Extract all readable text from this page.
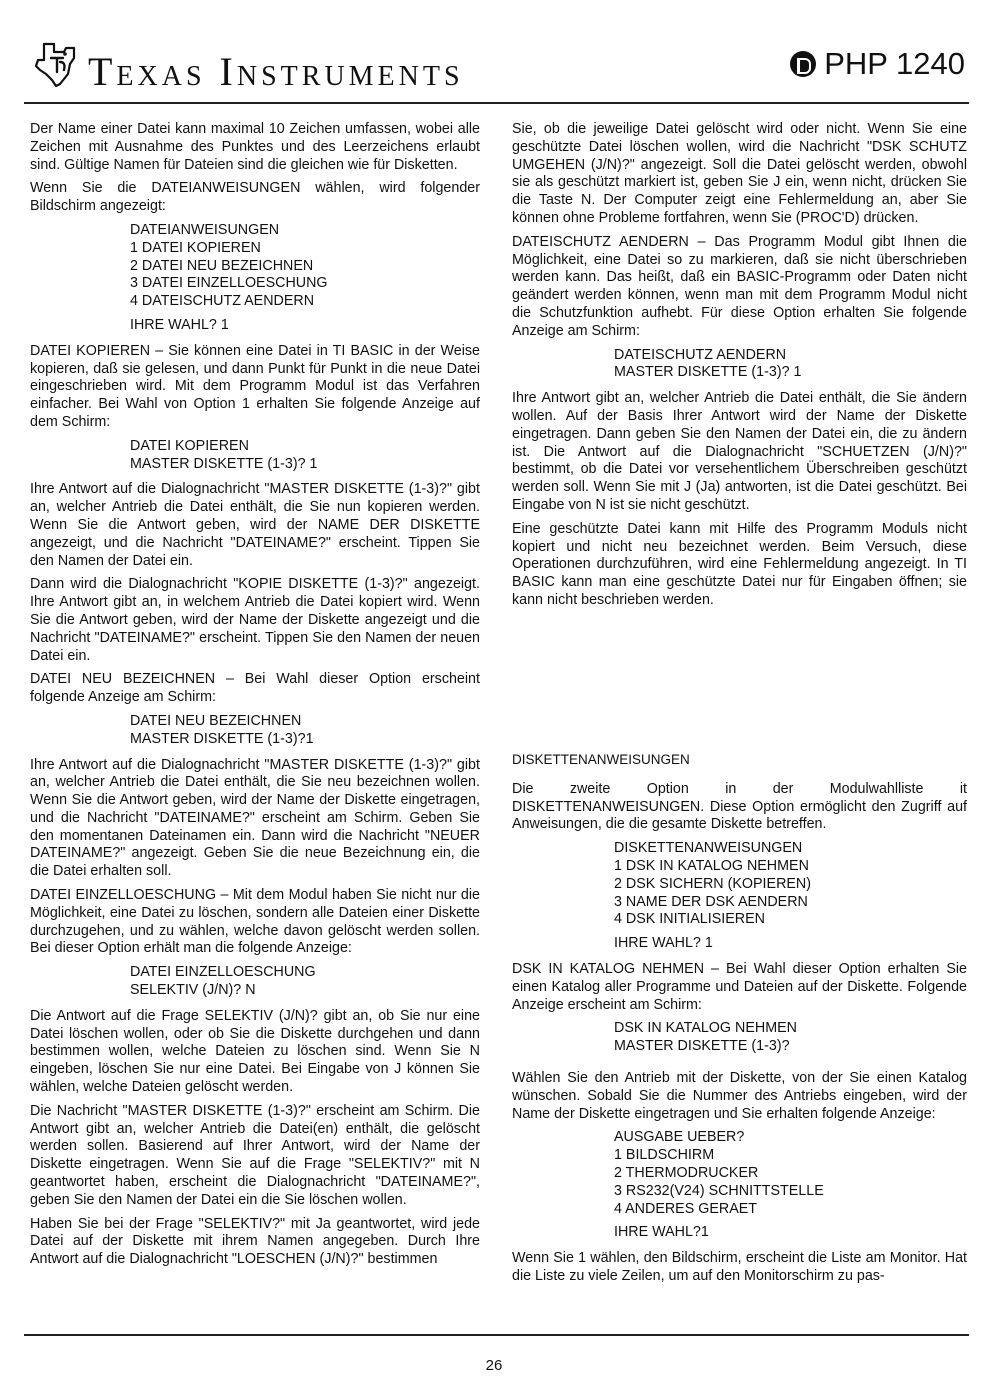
Texas Instruments	PHP 1240

Der Name einer Datei kann maximal 10 Zeichen umfassen, wobei alle Zeichen mit Ausnahme des Punktes und des Leerzeichens erlaubt sind. Gültige Namen für Dateien sind die gleichen wie für Disketten.

Wenn Sie die DATEIANWEISUNGEN wählen, wird folgender Bildschirm angezeigt:

DATEIANWEISUNGEN
1 DATEI KOPIEREN
2 DATEI NEU BEZEICHNEN
3 DATEI EINZELLOESCHUNG
4 DATEISCHUTZ AENDERN
IHRE WAHL? 1

DATEI KOPIEREN – Sie können eine Datei in TI BASIC in der Weise kopieren, daß sie gelesen, und dann Punkt für Punkt in die neue Datei eingeschrieben wird. Mit dem Programm Modul ist das Verfahren einfacher. Bei Wahl von Option 1 erhalten Sie folgende Anzeige auf dem Schirm:

DATEI KOPIEREN
MASTER DISKETTE (1-3)? 1

Ihre Antwort auf die Dialognachricht "MASTER DISKETTE (1-3)?" gibt an, welcher Antrieb die Datei enthält, die Sie nun kopieren werden. Wenn Sie die Antwort geben, wird der NAME DER DISKETTE angezeigt, und die Nachricht "DATEINAME?" erscheint. Tippen Sie den Namen der Datei ein.

Dann wird die Dialognachricht "KOPIE DISKETTE (1-3)?" angezeigt. Ihre Antwort gibt an, in welchem Antrieb die Datei kopiert wird. Wenn Sie die Antwort geben, wird der Name der Diskette angezeigt und die Nachricht "DATEINAME?" erscheint. Tippen Sie den Namen der neuen Datei ein.

DATEI NEU BEZEICHNEN – Bei Wahl dieser Option erscheint folgende Anzeige am Schirm:

DATEI NEU BEZEICHNEN
MASTER DISKETTE (1-3)?1

Ihre Antwort auf die Dialognachricht "MASTER DISKETTE (1-3)?" gibt an, welcher Antrieb die Datei enthält, die Sie neu bezeichnen wollen. Wenn Sie die Antwort geben, wird der Name der Diskette eingetragen, und die Nachricht "DATEINAME?" erscheint am Schirm. Geben Sie den momentanen Dateinamen ein. Dann wird die Nachricht "NEUER DATEINAME?" angezeigt. Geben Sie die neue Bezeichnung ein, die die Datei erhalten soll.

DATEI EINZELLOESCHUNG – Mit dem Modul haben Sie nicht nur die Möglichkeit, eine Datei zu löschen, sondern alle Dateien einer Diskette durchzugehen, und zu wählen, welche davon gelöscht werden sollen. Bei dieser Option erhält man die folgende Anzeige:

DATEI EINZELLOESCHUNG
SELEKTIV (J/N)? N

Die Antwort auf die Frage SELEKTIV (J/N)? gibt an, ob Sie nur eine Datei löschen wollen, oder ob Sie die Diskette durchgehen und dann bestimmen wollen, welche Dateien zu löschen sind. Wenn Sie N eingeben, löschen Sie nur eine Datei. Bei Eingabe von J können Sie wählen, welche Dateien gelöscht werden.

Die Nachricht "MASTER DISKETTE (1-3)?" erscheint am Schirm. Die Antwort gibt an, welcher Antrieb die Datei(en) enthält, die gelöscht werden sollen. Basierend auf Ihrer Antwort, wird der Name der Diskette eingetragen. Wenn Sie auf die Frage "SELEKTIV?" mit N geantwortet haben, erscheint die Dialognachricht "DATEINAME?", geben Sie den Namen der Datei ein die Sie löschen wollen.

Haben Sie bei der Frage "SELEKTIV?" mit Ja geantwortet, wird jede Datei auf der Diskette mit ihrem Namen angegeben. Durch Ihre Antwort auf die Dialognachricht "LOESCHEN (J/N)?" bestimmen

Sie, ob die jeweilige Datei gelöscht wird oder nicht. Wenn Sie eine geschützte Datei löschen wollen, wird die Nachricht "DSK SCHUTZ UMGEHEN (J/N)?" angezeigt. Soll die Datei gelöscht werden, obwohl sie als geschützt markiert ist, geben Sie J ein, wenn nicht, drücken Sie die Taste N. Der Computer zeigt eine Fehlermeldung an, aber Sie können ohne Probleme fortfahren, wenn Sie (PROC'D) drücken.

DATEISCHUTZ AENDERN – Das Programm Modul gibt Ihnen die Möglichkeit, eine Datei so zu markieren, daß sie nicht überschrieben werden kann. Das heißt, daß ein BASIC-Programm oder Daten nicht geändert werden können, wenn man mit dem Programm Modul nicht die Schutzfunktion aufhebt. Für diese Option erhalten Sie folgende Anzeige am Schirm:

DATEISCHUTZ AENDERN
MASTER DISKETTE (1-3)? 1

Ihre Antwort gibt an, welcher Antrieb die Datei enthält, die Sie ändern wollen. Auf der Basis Ihrer Antwort wird der Name der Diskette eingetragen. Dann geben Sie den Namen der Datei ein, die zu ändern ist. Die Antwort auf die Dialognachricht "SCHUETZEN (J/N)?" bestimmt, ob die Datei vor versehentlichem Überschreiben geschützt werden soll. Wenn Sie mit J (Ja) antworten, ist die Datei geschützt. Bei Eingabe von N ist sie nicht geschützt.

Eine geschützte Datei kann mit Hilfe des Programm Moduls nicht kopiert und nicht neu bezeichnet werden. Beim Versuch, diese Operationen durchzuführen, wird eine Fehlermeldung angezeigt. In TI BASIC kann man eine geschützte Datei nur für Eingaben öffnen; sie kann nicht beschrieben werden.

DISKETTENANWEISUNGEN

Die zweite Option in der Modulwahlliste it DISKETTENANWEISUNGEN. Diese Option ermöglicht den Zugriff auf Anweisungen, die die gesamte Diskette betreffen.

DISKETTENANWEISUNGEN
1 DSK IN KATALOG NEHMEN
2 DSK SICHERN (KOPIEREN)
3 NAME DER DSK AENDERN
4 DSK INITIALISIEREN
IHRE WAHL? 1

DSK IN KATALOG NEHMEN – Bei Wahl dieser Option erhalten Sie einen Katalog aller Programme und Dateien auf der Diskette. Folgende Anzeige erscheint am Schirm:

DSK IN KATALOG NEHMEN
MASTER DISKETTE (1-3)?

Wählen Sie den Antrieb mit der Diskette, von der Sie einen Katalog wünschen. Sobald Sie die Nummer des Antriebs eingeben, wird der Name der Diskette eingetragen und Sie erhalten folgende Anzeige:

AUSGABE UEBER?
1 BILDSCHIRM
2 THERMODRUCKER
3 RS232(V24) SCHNITTSTELLE
4 ANDERES GERAET
IHRE WAHL?1

Wenn Sie 1 wählen, den Bildschirm, erscheint die Liste am Monitor. Hat die Liste zu viele Zeilen, um auf den Monitorschirm zu pas-

26
